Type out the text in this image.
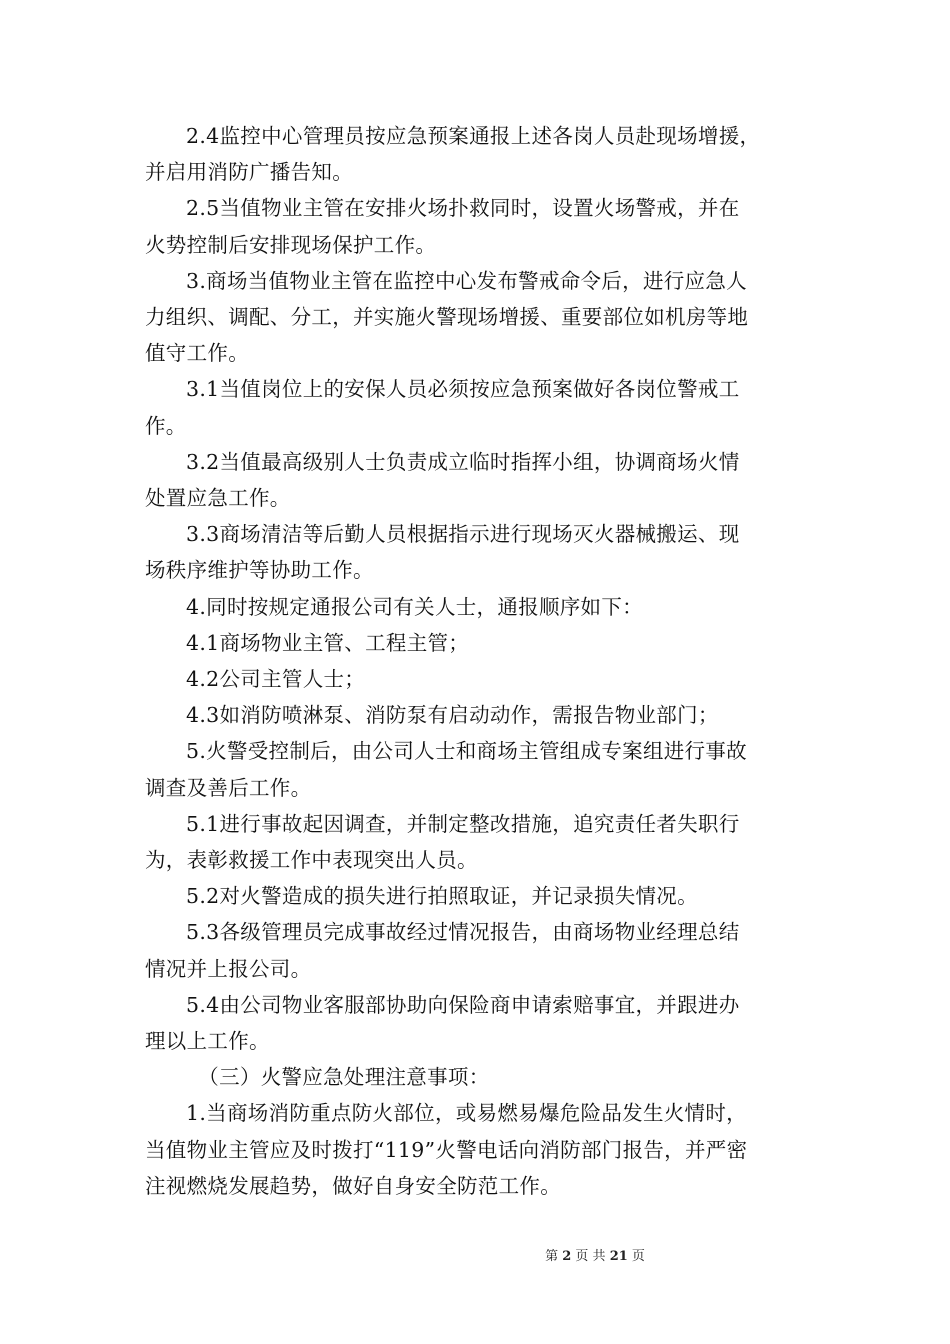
2.4监控中心管理员按应急预案通报上述各岗人员赴现场增援，
并启用消防广播告知。

2.5当值物业主管在安排火场扑救同时，设置火场警戒，并在
火势控制后安排现场保护工作。

3.商场当值物业主管在监控中心发布警戒命令后，进行应急人
力组织、调配、分工，并实施火警现场增援、重要部位如机房等地
值守工作。

3.1当值岗位上的安保人员必须按应急预案做好各岗位警戒工
作。

3.2当值最高级别人士负责成立临时指挥小组，协调商场火情
处置应急工作。

3.3商场清洁等后勤人员根据指示进行现场灭火器械搬运、现
场秩序维护等协助工作。

4.同时按规定通报公司有关人士，通报顺序如下：

4.1商场物业主管、工程主管；

4.2公司主管人士；

4.3如消防喷淋泵、消防泵有启动动作，需报告物业部门；

5.火警受控制后，由公司人士和商场主管组成专案组进行事故
调查及善后工作。

5.1进行事故起因调查，并制定整改措施，追究责任者失职行
为，表彰救援工作中表现突出人员。

5.2对火警造成的损失进行拍照取证，并记录损失情况。

5.3各级管理员完成事故经过情况报告，由商场物业经理总结
情况并上报公司。

5.4由公司物业客服部协助向保险商申请索赔事宜，并跟进办
理以上工作。

（三）火警应急处理注意事项：

1.当商场消防重点防火部位，或易燃易爆危险品发生火情时，
当值物业主管应及时拨打“119”火警电话向消防部门报告，并严密
注视燃烧发展趋势，做好自身安全防范工作。

第 2 页 共 21 页
